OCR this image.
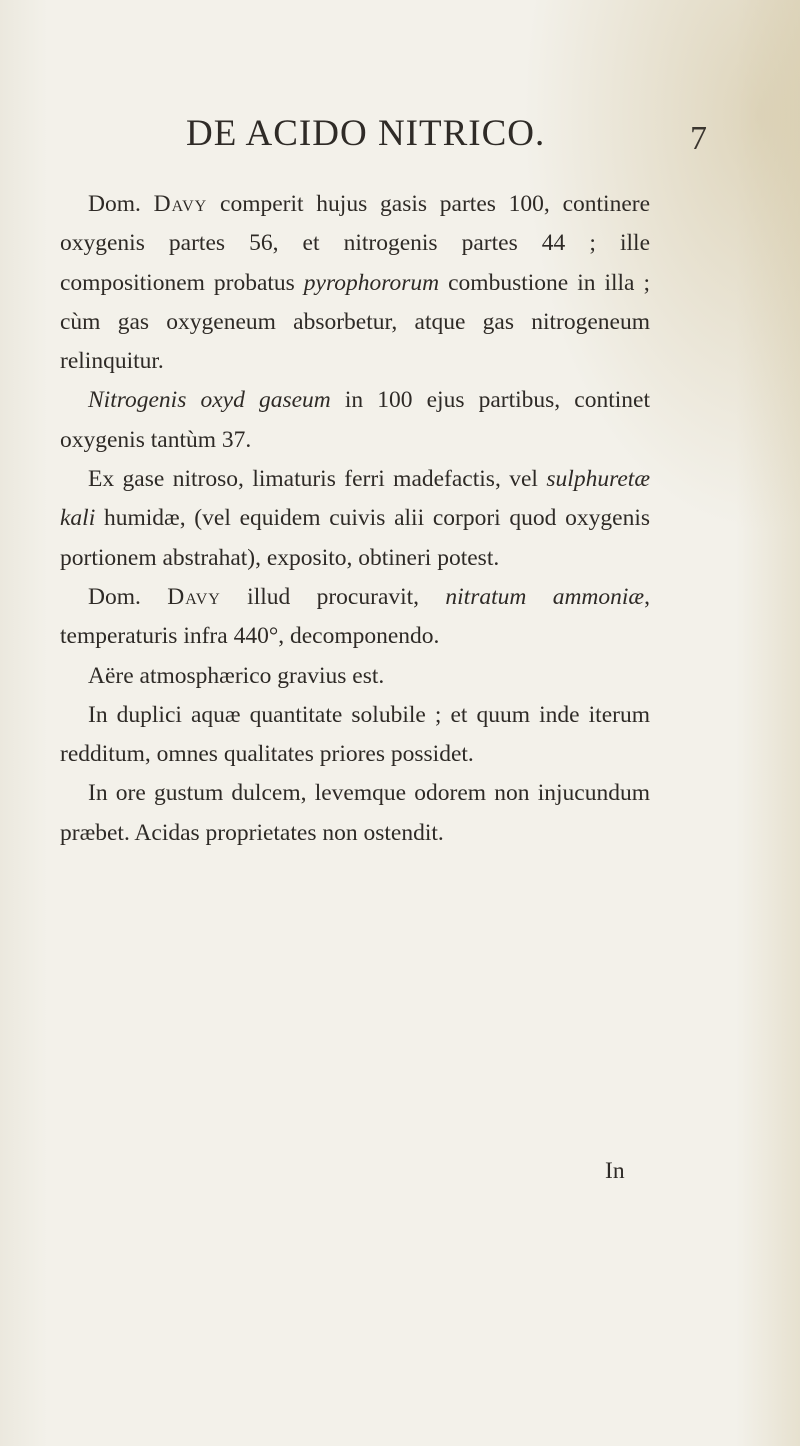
DE ACIDO NITRICO.	7

Dom. Davy comperit hujus gasis partes 100, continere oxygenis partes 56, et nitrogenis partes 44 ; ille compositionem probatus pyrophororum combustione in illa ; cùm gas oxygeneum absorbetur, atque gas nitrogeneum relinquitur.

Nitrogenis oxyd gaseum in 100 ejus partibus, continet oxygenis tantùm 37.

Ex gase nitroso, limaturis ferri madefactis, vel sulphuretæ kali humidæ, (vel equidem cuivis alii corpori quod oxygenis portionem abstrahat), exposito, obtineri potest.

Dom. Davy illud procuravit, nitratum ammoniæ, temperaturis infra 440°, decomponendo.

Aëre atmosphærico gravius est.

In duplici aquæ quantitate solubile ; et quum inde iterum redditum, omnes qualitates priores possidet.

In ore gustum dulcem, levemque odorem non injucundum præbet. Acidas proprietates non ostendit.

In
